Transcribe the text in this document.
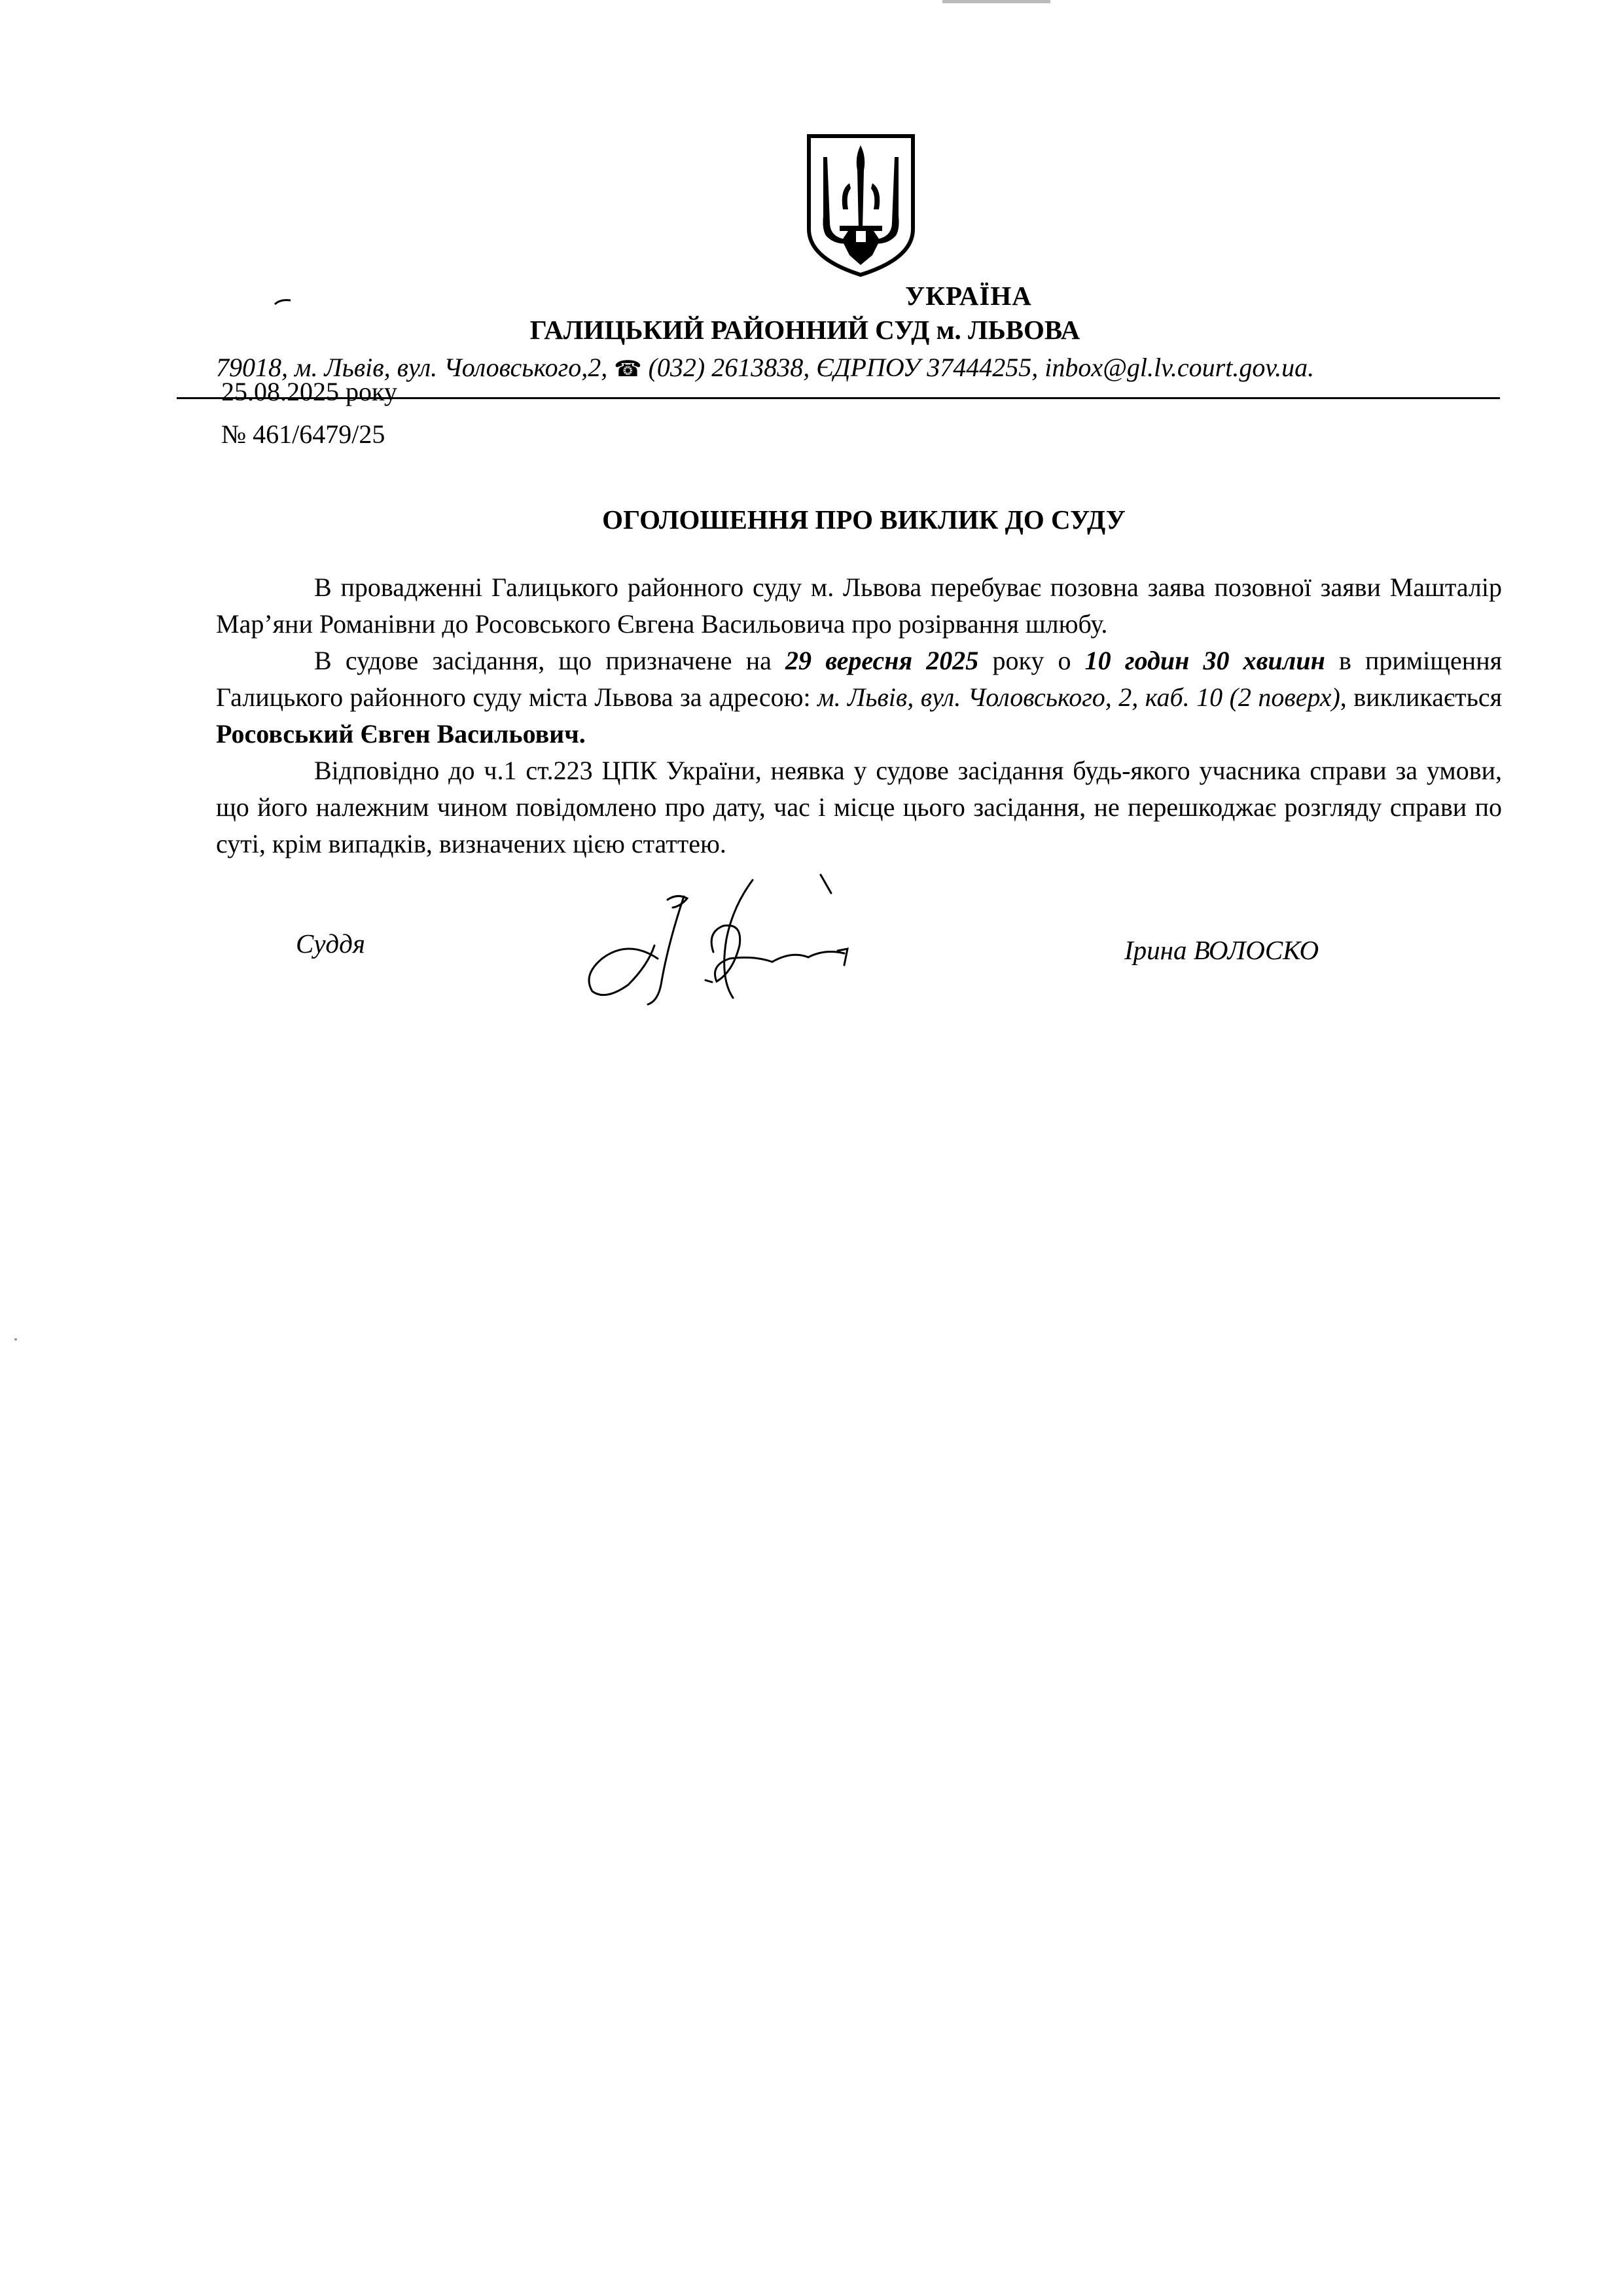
УКРАЇНА
ГАЛИЦЬКИЙ РАЙОННИЙ СУД м. ЛЬВОВА
79018, м. Львів, вул. Чоловського,2, ☎ (032) 2613838, ЄДРПОУ 37444255, inbox@gl.lv.court.gov.ua.
25.08.2025 року
№ 461/6479/25
ОГОЛОШЕННЯ ПРО ВИКЛИК ДО СУДУ

В провадженні Галицького районного суду м. Львова перебуває позовна заява позовної заяви Машталір Мар’яни Романівни до Росовського Євгена Васильовича про розірвання шлюбу.

В судове засідання, що призначене на 29 вересня 2025 року о 10 годин 30 хвилин в приміщення Галицького районного суду міста Львова за адресою: м. Львів, вул. Чоловського, 2, каб. 10 (2 поверх), викликається Росовський Євген Васильович.

Відповідно до ч.1 ст.223 ЦПК України, неявка у судове засідання будь-якого учасника справи за умови, що його належним чином повідомлено про дату, час і місце цього засідання, не перешкоджає розгляду справи по суті, крім випадків, визначених цією статтею.

Суддя	Ірина ВОЛОСКО
